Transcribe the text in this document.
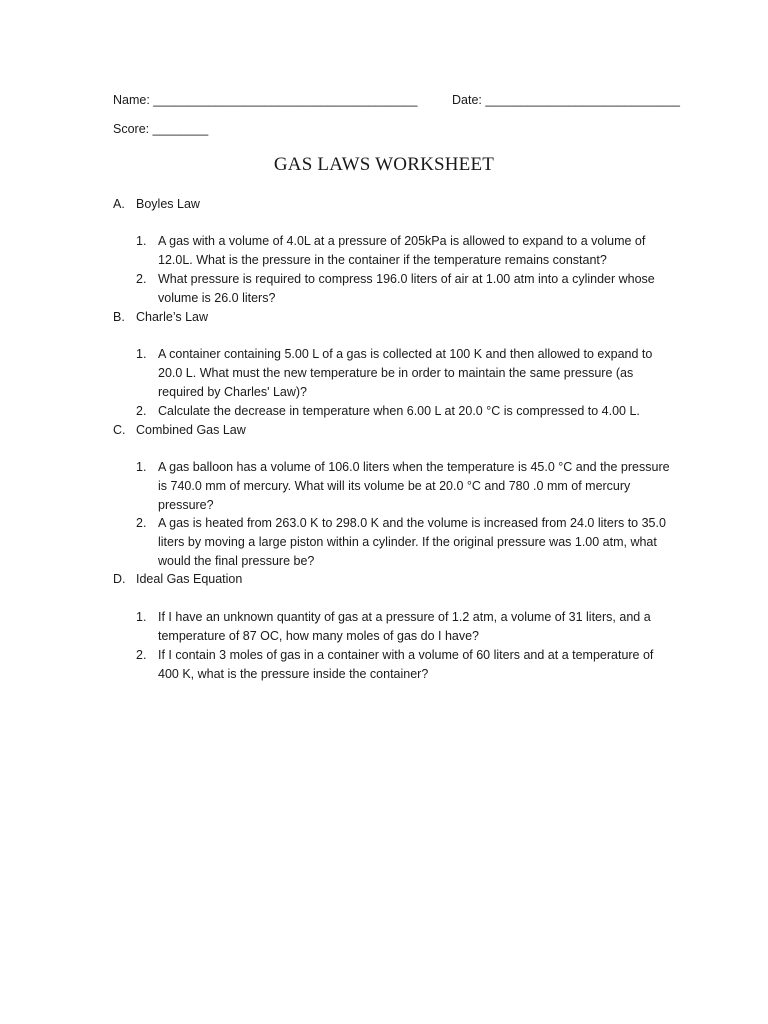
Name: ______________________________________	Date: ____________________________
Score: ________
GAS LAWS WORKSHEET
A. Boyles Law
1. A gas with a volume of 4.0L at a pressure of 205kPa is allowed to expand to a volume of 12.0L. What is the pressure in the container if the temperature remains constant?
2. What pressure is required to compress 196.0 liters of air at 1.00 atm into a cylinder whose volume is 26.0 liters?
B. Charle’s Law
1. A container containing 5.00 L of a gas is collected at 100 K and then allowed to expand to 20.0 L. What must the new temperature be in order to maintain the same pressure (as required by Charles' Law)?
2. Calculate the decrease in temperature when 6.00 L at 20.0 °C is compressed to 4.00 L.
C. Combined Gas Law
1. A gas balloon has a volume of 106.0 liters when the temperature is 45.0 °C and the pressure is 740.0 mm of mercury. What will its volume be at 20.0 °C and 780 .0 mm of mercury pressure?
2. A gas is heated from 263.0 K to 298.0 K and the volume is increased from 24.0 liters to 35.0 liters by moving a large piston within a cylinder. If the original pressure was 1.00 atm, what would the final pressure be?
D. Ideal Gas Equation
1. If I have an unknown quantity of gas at a pressure of 1.2 atm, a volume of 31 liters, and a temperature of 87 OC, how many moles of gas do I have?
2. If I contain 3 moles of gas in a container with a volume of 60 liters and at a temperature of 400 K, what is the pressure inside the container?
